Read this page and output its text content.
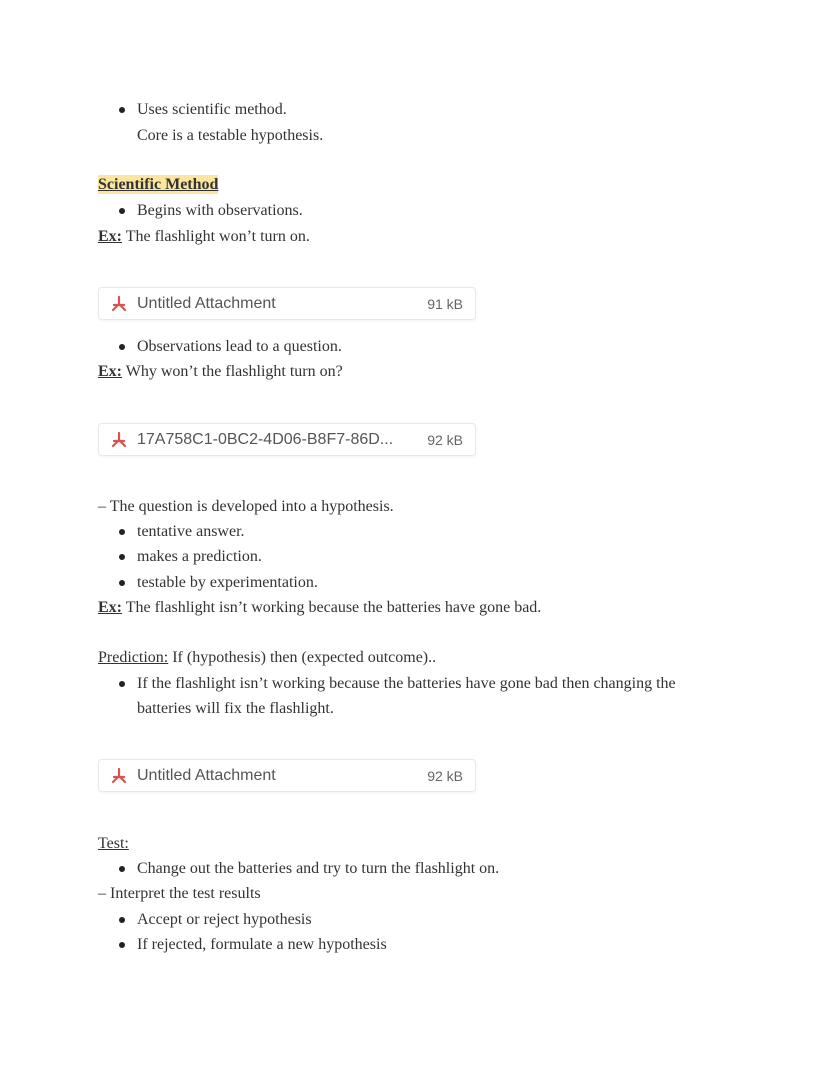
Uses scientific method.
Core is a testable hypothesis.
Scientific Method
Begins with observations.
Ex: The flashlight won’t turn on.
Untitled Attachment	91 kB
Observations lead to a question.
Ex: Why won’t the flashlight turn on?
17A758C1-0BC2-4D06-B8F7-86D...	92 kB
– The question is developed into a hypothesis.
tentative answer.
makes a prediction.
testable by experimentation.
Ex: The flashlight isn’t working because the batteries have gone bad.
Prediction: If (hypothesis) then (expected outcome)..
If the flashlight isn’t working because the batteries have gone bad then changing the
batteries will fix the flashlight.
Untitled Attachment	92 kB
Test:
Change out the batteries and try to turn the flashlight on.
– Interpret the test results
Accept or reject hypothesis
If rejected, formulate a new hypothesis
